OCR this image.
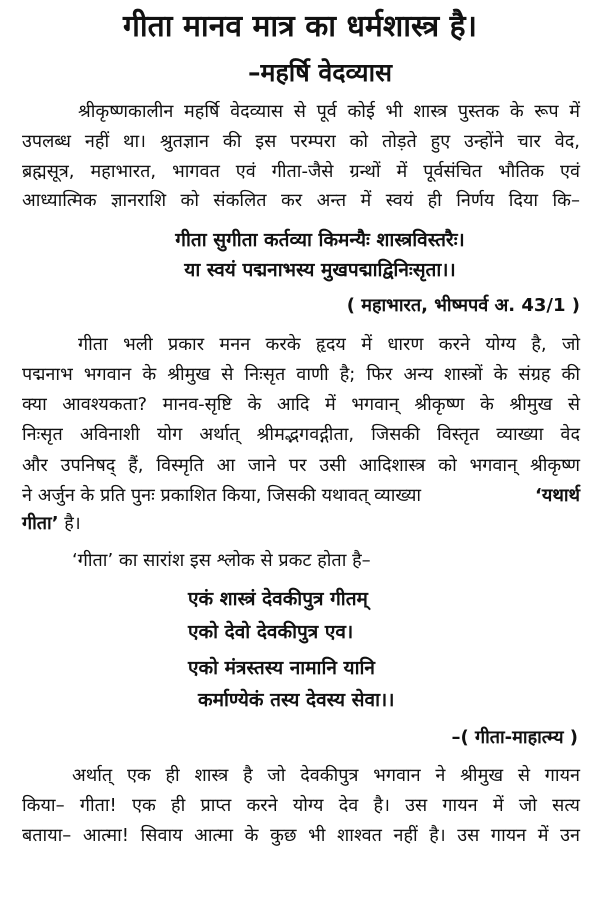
गीता मानव मात्र का धर्मशास्त्र है।
–महर्षि वेदव्यास
श्रीकृष्णकालीन महर्षि वेदव्यास से पूर्व कोई भी शास्त्र पुस्तक के रूप में
उपलब्ध नहीं था। श्रुतज्ञान की इस परम्परा को तोड़ते हुए उन्होंने चार वेद,
ब्रह्मसूत्र, महाभारत, भागवत एवं गीता-जैसे ग्रन्थों में पूर्वसंचित भौतिक एवं
आध्यात्मिक ज्ञानराशि को संकलित कर अन्त में स्वयं ही निर्णय दिया कि–
गीता सुगीता कर्तव्या किमन्यैः शास्त्रविस्तरैः।
या स्वयं पद्मनाभस्य मुखपद्माद्विनिःसृता।।
( महाभारत, भीष्मपर्व अ. 43/1 )
गीता भली प्रकार मनन करके हृदय में धारण करने योग्य है, जो
पद्मनाभ भगवान के श्रीमुख से निःसृत वाणी है; फिर अन्य शास्त्रों के संग्रह की
क्या आवश्यकता? मानव-सृष्टि के आदि में भगवान् श्रीकृष्ण के श्रीमुख से
निःसृत अविनाशी योग अर्थात् श्रीमद्भगवद्गीता, जिसकी विस्तृत व्याख्या वेद
और उपनिषद् हैं, विस्मृति आ जाने पर उसी आदिशास्त्र को भगवान् श्रीकृष्ण
ने अर्जुन के प्रति पुनः प्रकाशित किया, जिसकी यथावत् व्याख्या	‘यथार्थ
गीता’ है।
‘गीता’ का सारांश इस श्लोक से प्रकट होता है–
एकं शास्त्रं देवकीपुत्र गीतम्
एको देवो देवकीपुत्र एव।
एको मंत्रस्तस्य नामानि यानि
कर्माण्येकं तस्य देवस्य सेवा।।
–( गीता-माहात्म्य )
अर्थात् एक ही शास्त्र है जो देवकीपुत्र भगवान ने श्रीमुख से गायन
किया– गीता! एक ही प्राप्त करने योग्य देव है। उस गायन में जो सत्य
बताया– आत्मा! सिवाय आत्मा के कुछ भी शाश्वत नहीं है। उस गायन में उन
